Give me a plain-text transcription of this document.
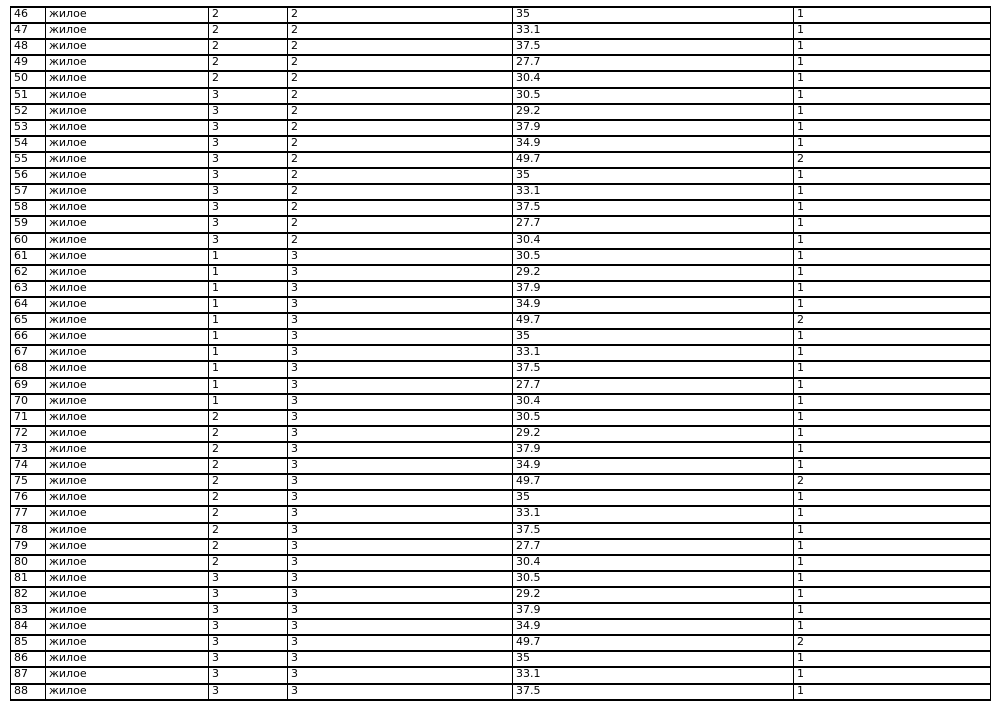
46	жилое	2	2	35	1
47	жилое	2	2	33.1	1
48	жилое	2	2	37.5	1
49	жилое	2	2	27.7	1
50	жилое	2	2	30.4	1
51	жилое	3	2	30.5	1
52	жилое	3	2	29.2	1
53	жилое	3	2	37.9	1
54	жилое	3	2	34.9	1
55	жилое	3	2	49.7	2
56	жилое	3	2	35	1
57	жилое	3	2	33.1	1
58	жилое	3	2	37.5	1
59	жилое	3	2	27.7	1
60	жилое	3	2	30.4	1
61	жилое	1	3	30.5	1
62	жилое	1	3	29.2	1
63	жилое	1	3	37.9	1
64	жилое	1	3	34.9	1
65	жилое	1	3	49.7	2
66	жилое	1	3	35	1
67	жилое	1	3	33.1	1
68	жилое	1	3	37.5	1
69	жилое	1	3	27.7	1
70	жилое	1	3	30.4	1
71	жилое	2	3	30.5	1
72	жилое	2	3	29.2	1
73	жилое	2	3	37.9	1
74	жилое	2	3	34.9	1
75	жилое	2	3	49.7	2
76	жилое	2	3	35	1
77	жилое	2	3	33.1	1
78	жилое	2	3	37.5	1
79	жилое	2	3	27.7	1
80	жилое	2	3	30.4	1
81	жилое	3	3	30.5	1
82	жилое	3	3	29.2	1
83	жилое	3	3	37.9	1
84	жилое	3	3	34.9	1
85	жилое	3	3	49.7	2
86	жилое	3	3	35	1
87	жилое	3	3	33.1	1
88	жилое	3	3	37.5	1
